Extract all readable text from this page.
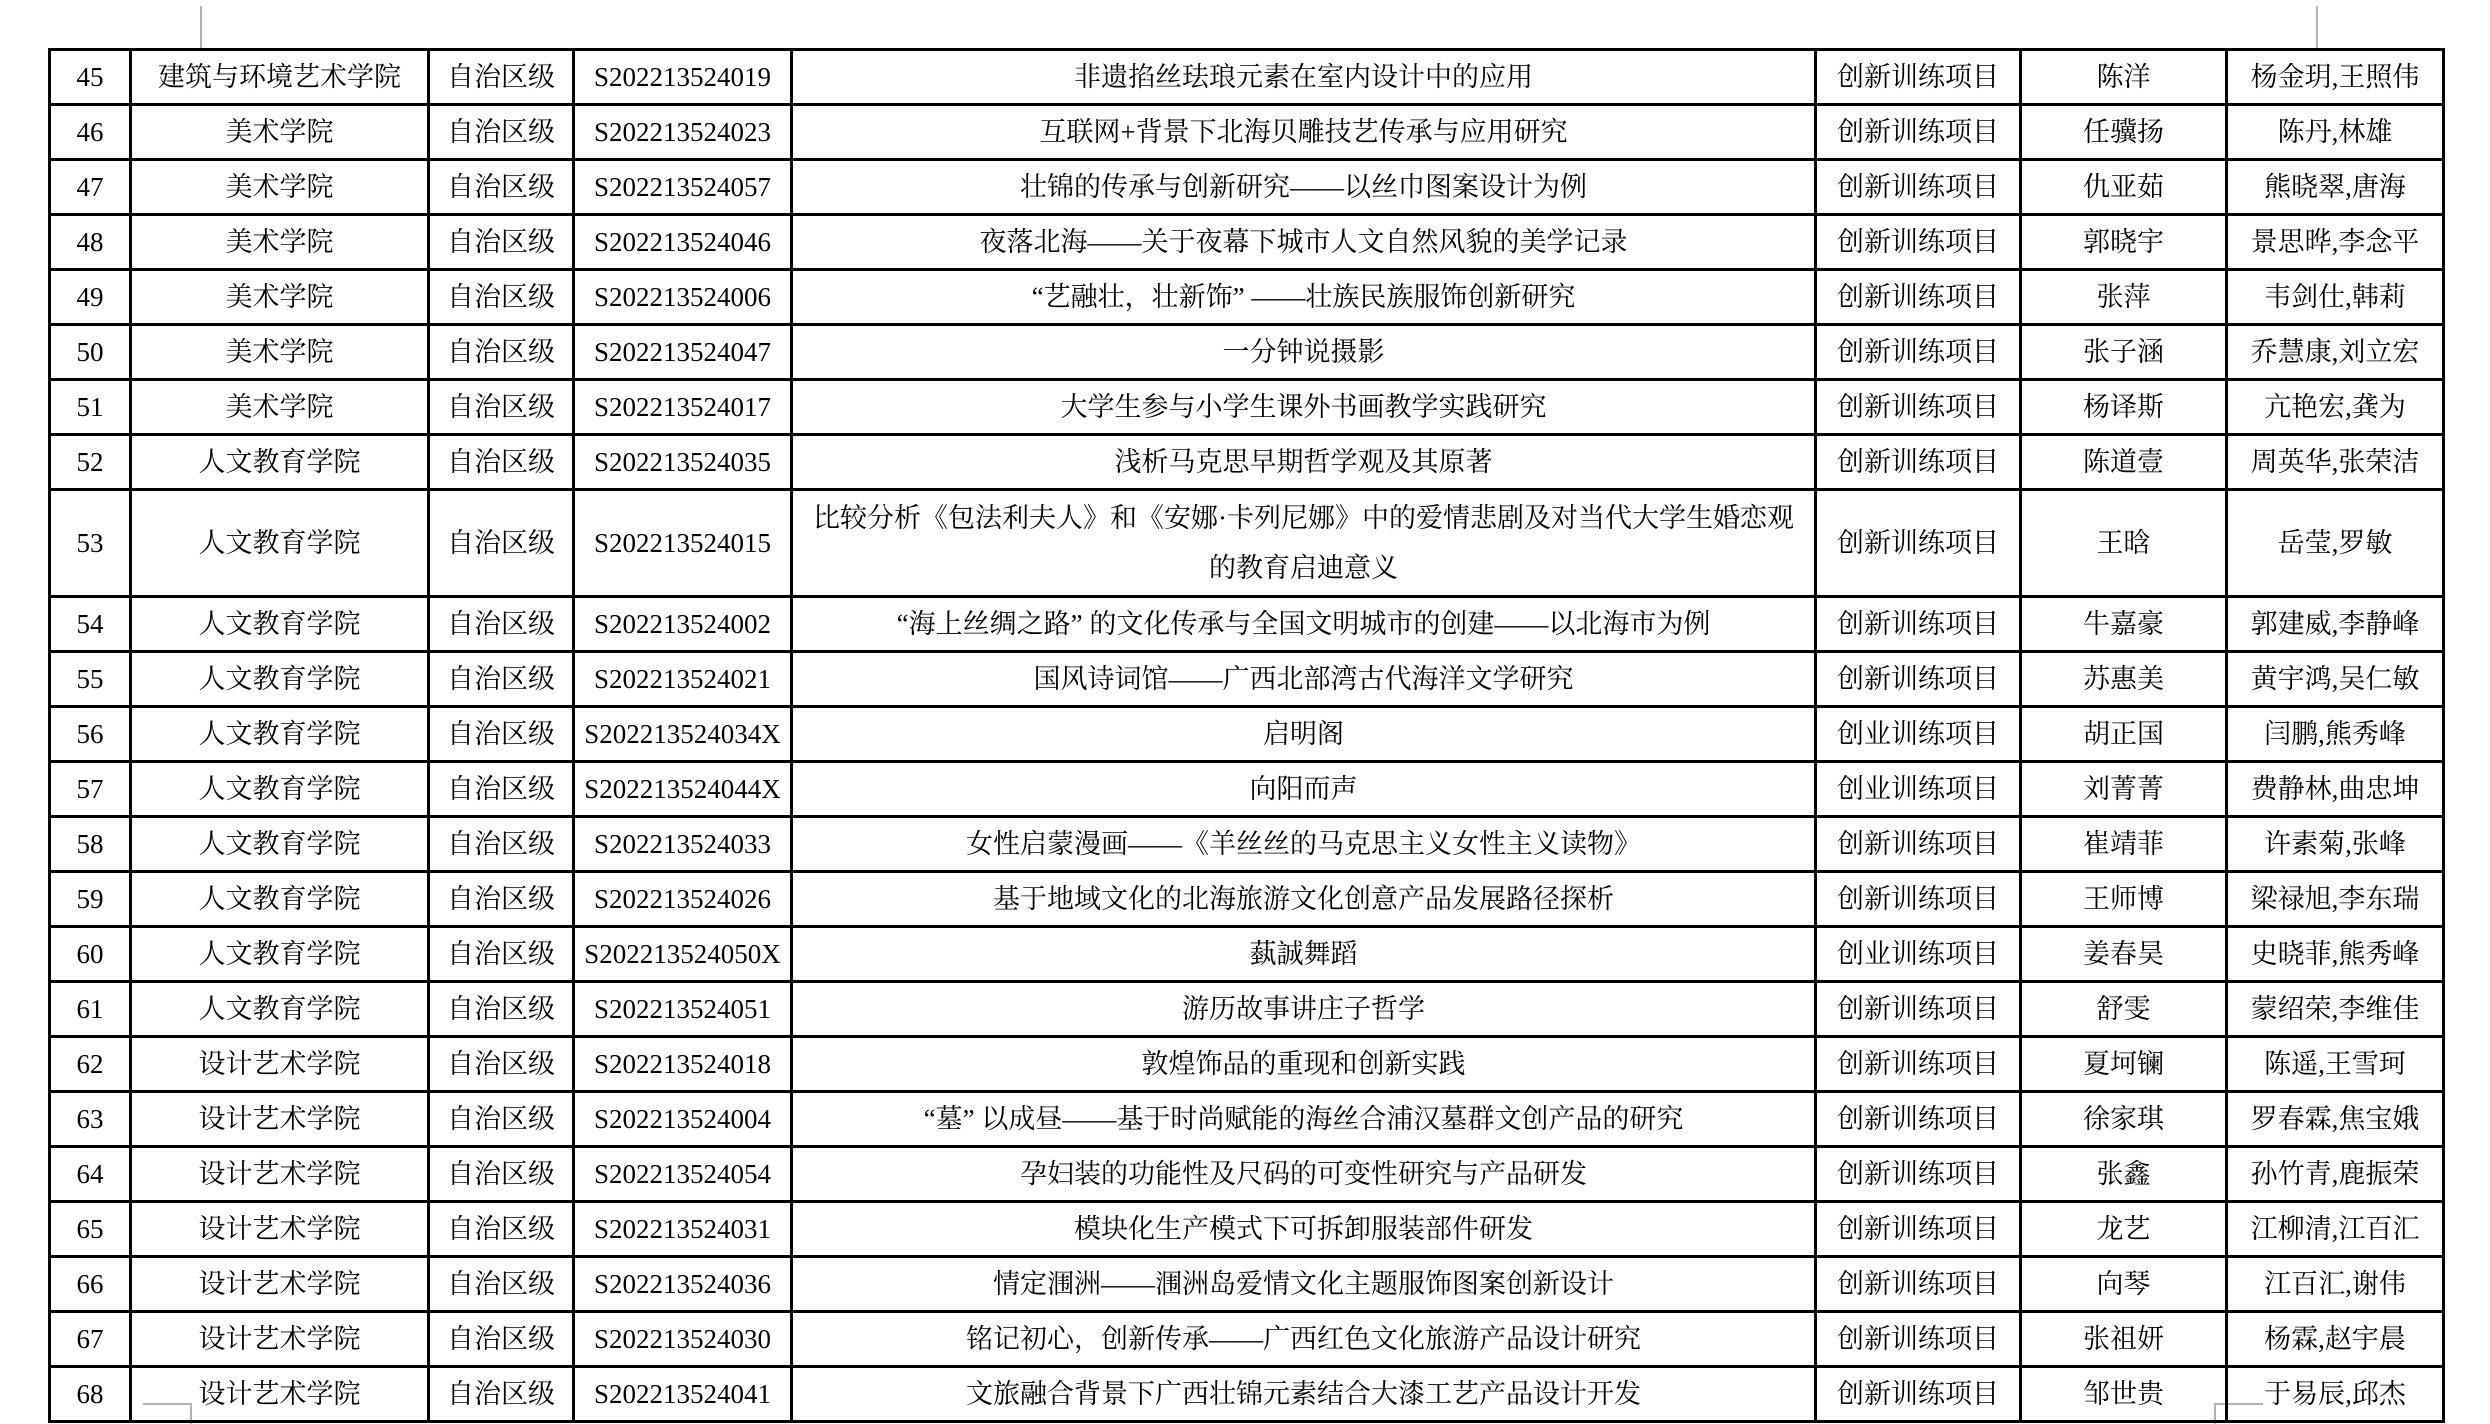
45	建筑与环境艺术学院	自治区级	S202213524019	非遗掐丝珐琅元素在室内设计中的应用	创新训练项目	陈洋	杨金玥,王照伟
46	美术学院	自治区级	S202213524023	互联网+背景下北海贝雕技艺传承与应用研究	创新训练项目	任骥扬	陈丹,林雄
47	美术学院	自治区级	S202213524057	壮锦的传承与创新研究——以丝巾图案设计为例	创新训练项目	仇亚茹	熊晓翠,唐海
48	美术学院	自治区级	S202213524046	夜落北海——关于夜幕下城市人文自然风貌的美学记录	创新训练项目	郭晓宇	景思晔,李念平
49	美术学院	自治区级	S202213524006	“艺融壮，壮新饰” ——壮族民族服饰创新研究	创新训练项目	张萍	韦剑仕,韩莉
50	美术学院	自治区级	S202213524047	一分钟说摄影	创新训练项目	张子涵	乔慧康,刘立宏
51	美术学院	自治区级	S202213524017	大学生参与小学生课外书画教学实践研究	创新训练项目	杨译斯	亢艳宏,龚为
52	人文教育学院	自治区级	S202213524035	浅析马克思早期哲学观及其原著	创新训练项目	陈道壹	周英华,张荣洁
53	人文教育学院	自治区级	S202213524015	比较分析《包法利夫人》和《安娜·卡列尼娜》中的爱情悲剧及对当代大学生婚恋观的教育启迪意义	创新训练项目	王晗	岳莹,罗敏
54	人文教育学院	自治区级	S202213524002	“海上丝绸之路” 的文化传承与全国文明城市的创建——以北海市为例	创新训练项目	牛嘉豪	郭建威,李静峰
55	人文教育学院	自治区级	S202213524021	国风诗词馆——广西北部湾古代海洋文学研究	创新训练项目	苏惠美	黄宇鸿,吴仁敏
56	人文教育学院	自治区级	S202213524034X	启明阁	创业训练项目	胡正国	闫鹏,熊秀峰
57	人文教育学院	自治区级	S202213524044X	向阳而声	创业训练项目	刘菁菁	费静林,曲忠坤
58	人文教育学院	自治区级	S202213524033	女性启蒙漫画——《羊丝丝的马克思主义女性主义读物》	创新训练项目	崔靖菲	许素菊,张峰
59	人文教育学院	自治区级	S202213524026	基于地域文化的北海旅游文化创意产品发展路径探析	创新训练项目	王师博	梁禄旭,李东瑞
60	人文教育学院	自治区级	S202213524050X	蓺誠舞蹈	创业训练项目	姜春昊	史晓菲,熊秀峰
61	人文教育学院	自治区级	S202213524051	游历故事讲庄子哲学	创新训练项目	舒雯	蒙绍荣,李维佳
62	设计艺术学院	自治区级	S202213524018	敦煌饰品的重现和创新实践	创新训练项目	夏坷镧	陈遥,王雪珂
63	设计艺术学院	自治区级	S202213524004	“墓” 以成昼——基于时尚赋能的海丝合浦汉墓群文创产品的研究	创新训练项目	徐家琪	罗春霖,焦宝娥
64	设计艺术学院	自治区级	S202213524054	孕妇装的功能性及尺码的可变性研究与产品研发	创新训练项目	张鑫	孙竹青,鹿振荣
65	设计艺术学院	自治区级	S202213524031	模块化生产模式下可拆卸服装部件研发	创新训练项目	龙艺	江柳清,江百汇
66	设计艺术学院	自治区级	S202213524036	情定涠洲——涠洲岛爱情文化主题服饰图案创新设计	创新训练项目	向琴	江百汇,谢伟
67	设计艺术学院	自治区级	S202213524030	铭记初心，创新传承——广西红色文化旅游产品设计研究	创新训练项目	张祖妍	杨霖,赵宇晨
68	设计艺术学院	自治区级	S202213524041	文旅融合背景下广西壮锦元素结合大漆工艺产品设计开发	创新训练项目	邹世贵	于易辰,邱杰
